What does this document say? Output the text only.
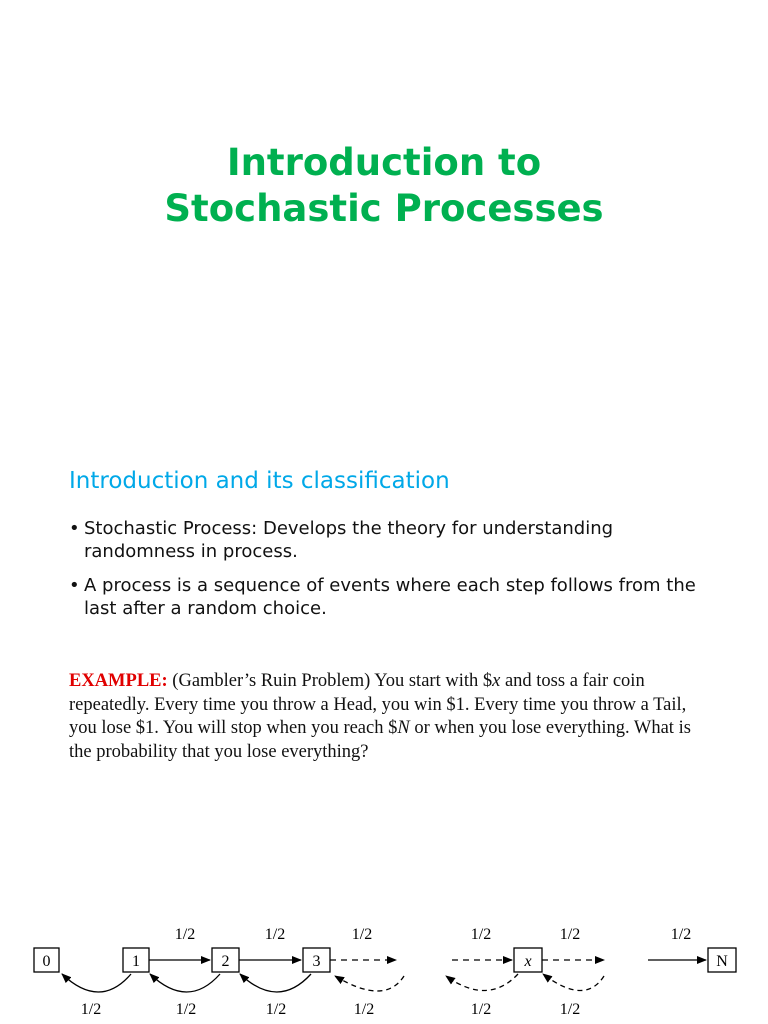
Introduction to
Stochastic Processes
Introduction and its classification
• Stochastic Process: Develops the theory for understanding randomness in process.
• A process is a sequence of events where each step follows from the last after a random choice.
EXAMPLE: (Gambler’s Ruin Problem) You start with $x and toss a fair coin repeatedly. Every time you throw a Head, you win $1. Every time you throw a Tail, you lose $1. You will stop when you reach $N or when you lose everything. What is the probability that you lose everything?
0	1	2	3	x	N
1/2	1/2	1/2	1/2	1/2	1/2
1/2	1/2	1/2	1/2	1/2	1/2
